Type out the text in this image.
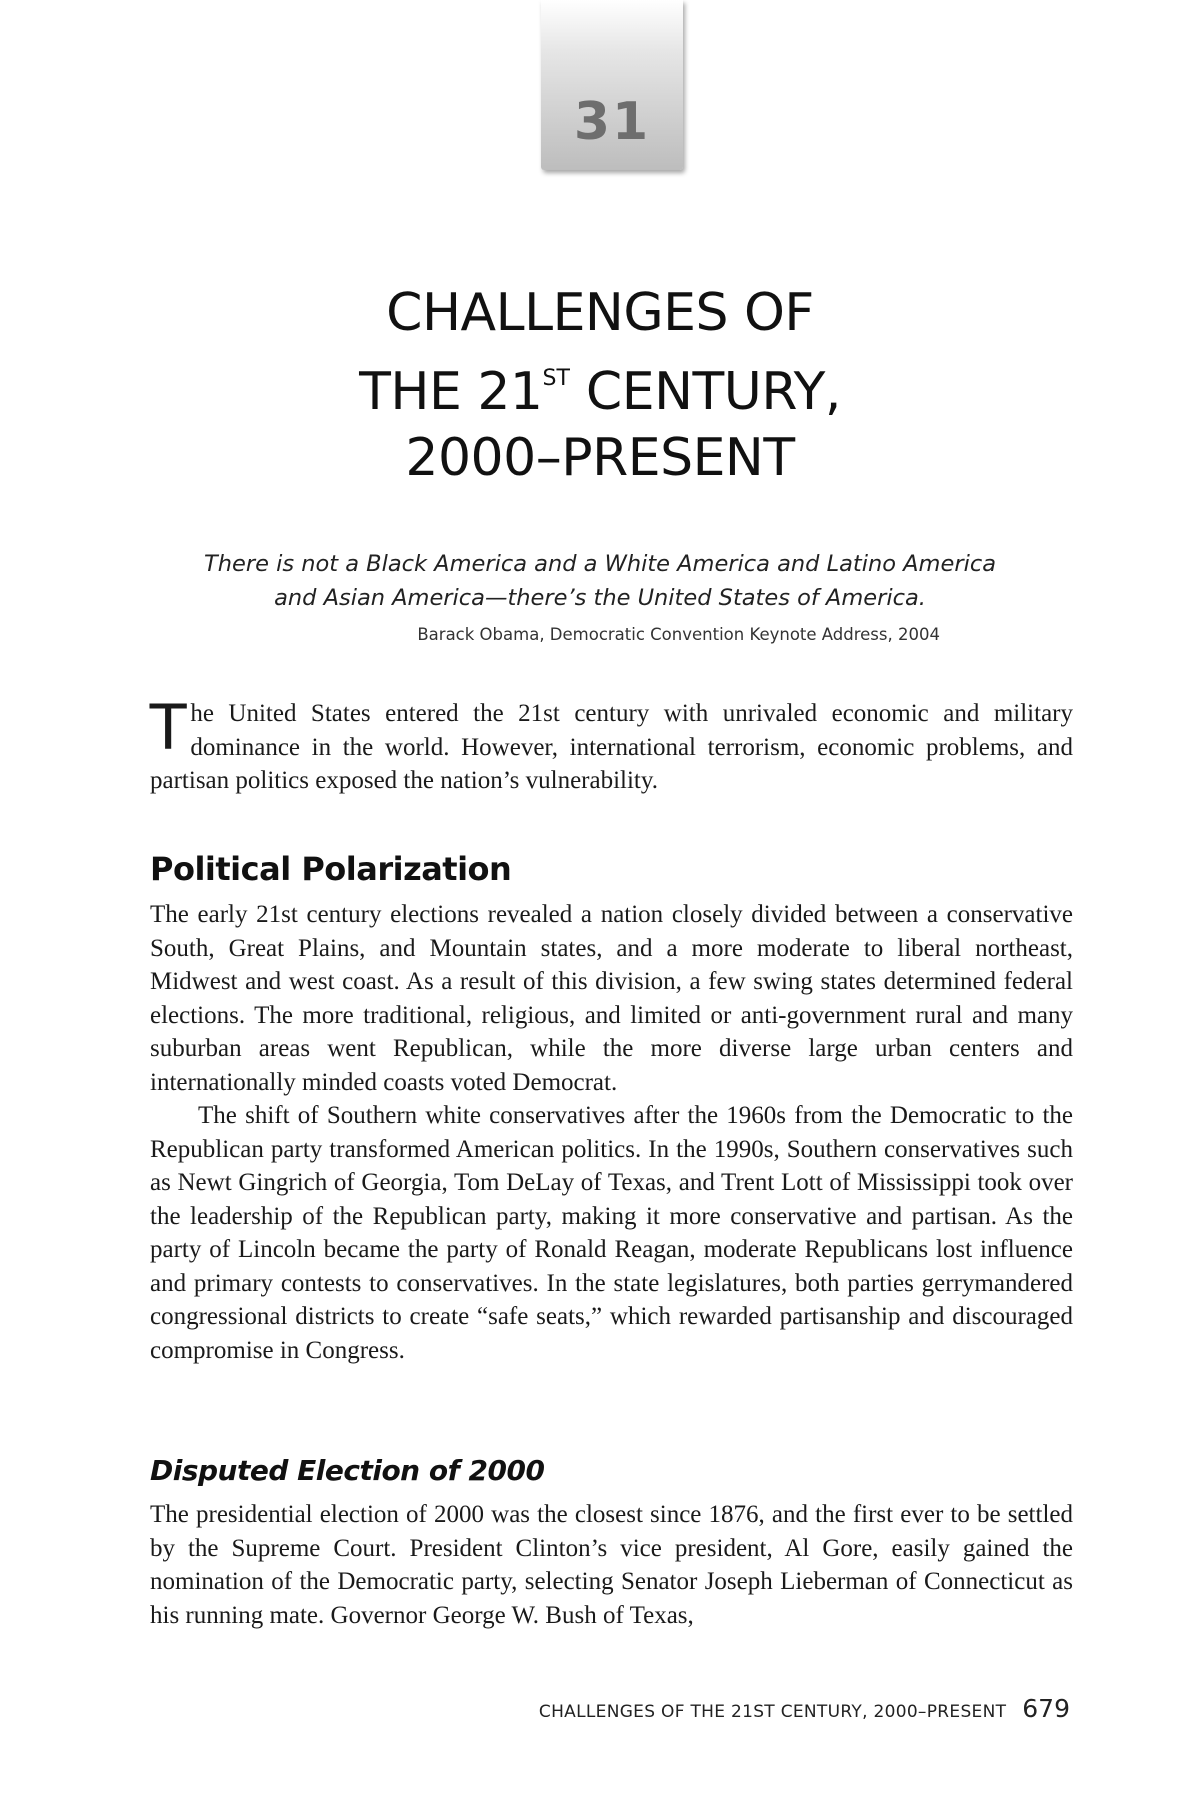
31
CHALLENGES OF
THE 21ST CENTURY,
2000–PRESENT
There is not a Black America and a White America and Latino America
and Asian America—there’s the United States of America.
Barack Obama, Democratic Convention Keynote Address, 2004

The United States entered the 21st century with unrivaled economic and military dominance in the world. However, international terrorism, economic problems, and partisan politics exposed the nation’s vulnerability.

Political Polarization

The early 21st century elections revealed a nation closely divided between a conservative South, Great Plains, and Mountain states, and a more moderate to liberal northeast, Midwest and west coast. As a result of this division, a few swing states determined federal elections. The more traditional, religious, and limited or anti-government rural and many suburban areas went Republican, while the more diverse large urban centers and internationally minded coasts voted Democrat.

The shift of Southern white conservatives after the 1960s from the Democratic to the Republican party transformed American politics. In the 1990s, Southern conservatives such as Newt Gingrich of Georgia, Tom DeLay of Texas, and Trent Lott of Mississippi took over the leadership of the Republican party, making it more conservative and partisan. As the party of Lincoln became the party of Ronald Reagan, moderate Republicans lost influence and primary contests to conservatives. In the state legislatures, both parties gerrymandered congressional districts to create “safe seats,” which rewarded partisanship and discouraged compromise in Congress.

Disputed Election of 2000

The presidential election of 2000 was the closest since 1876, and the first ever to be settled by the Supreme Court. President Clinton’s vice president, Al Gore, easily gained the nomination of the Democratic party, selecting Senator Joseph Lieberman of Connecticut as his running mate. Governor George W. Bush of Texas,

CHALLENGES OF THE 21ST CENTURY, 2000–PRESENT 679
